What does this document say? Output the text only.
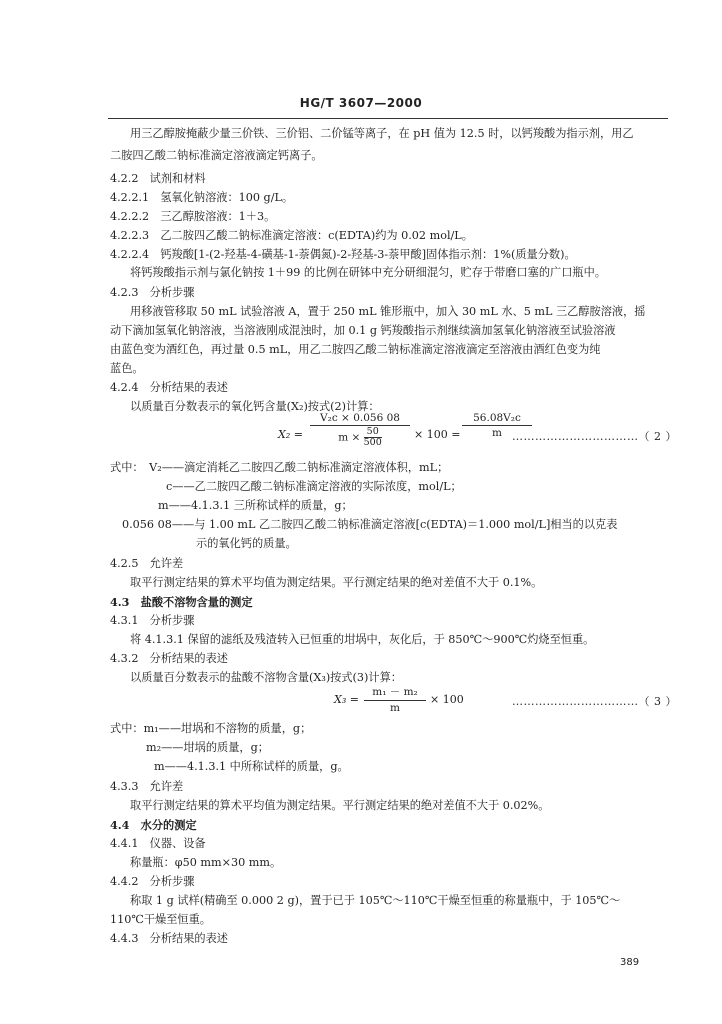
HG/T 3607—2000
用三乙醇胺掩蔽少量三价铁、三价铝、二价锰等离子，在 pH 值为 12.5 时，以钙羧酸为指示剂，用乙
二胺四乙酸二钠标准滴定溶液滴定钙离子。
4.2.2　试剂和材料
4.2.2.1　氢氧化钠溶液：100 g/L。
4.2.2.2　三乙醇胺溶液：1＋3。
4.2.2.3　乙二胺四乙酸二钠标准滴定溶液：c(EDTA)约为 0.02 mol/L。
4.2.2.4　钙羧酸[1-(2-羟基-4-磺基-1-萘偶氮)-2-羟基-3-萘甲酸]固体指示剂：1%(质量分数)。
将钙羧酸指示剂与氯化钠按 1＋99 的比例在研钵中充分研细混匀，贮存于带磨口塞的广口瓶中。
4.2.3　分析步骤
用移液管移取 50 mL 试验溶液 A，置于 250 mL 锥形瓶中，加入 30 mL 水、5 mL 三乙醇胺溶液，摇
动下滴加氢氧化钠溶液，当溶液刚成混浊时，加 0.1 g 钙羧酸指示剂继续滴加氢氧化钠溶液至试验溶液
由蓝色变为酒红色，再过量 0.5 mL，用乙二胺四乙酸二钠标准滴定溶液滴定至溶液由酒红色变为纯
蓝色。
4.2.4　分析结果的表述
以质量百分数表示的氧化钙含量(X₂)按式(2)计算：
$X_2 = \frac{\text{V₂c × 0.056 08}}{m \times \frac{50}{500}} \times 100 = \frac{\text{56.08V₂c}}{m}$
……………………………（ 2 ）
式中：　V₂——滴定消耗乙二胺四乙酸二钠标准滴定溶液体积，mL；
c——乙二胺四乙酸二钠标准滴定溶液的实际浓度，mol/L；
m——4.1.3.1 三所称试样的质量，g；
0.056 08——与 1.00 mL 乙二胺四乙酸二钠标准滴定溶液[c(EDTA)＝1.000 mol/L]相当的以克表
示的氧化钙的质量。
4.2.5　允许差
取平行测定结果的算术平均值为测定结果。平行测定结果的绝对差值不大于 0.1%。
4.3　盐酸不溶物含量的测定
4.3.1　分析步骤
将 4.1.3.1 保留的滤纸及残渣转入已恒重的坩埚中，灰化后，于 850℃～900℃灼烧至恒重。
4.3.2　分析结果的表述
以质量百分数表示的盐酸不溶物含量(X₃)按式(3)计算：
$X_3 = \frac{\text{m₁ － m₂}}{m} \times 100$	……………………………（ 3 ）
式中：m₁——坩埚和不溶物的质量，g；
m₂——坩埚的质量，g；
m——4.1.3.1 中所称试样的质量，g。
4.3.3　允许差
取平行测定结果的算术平均值为测定结果。平行测定结果的绝对差值不大于 0.02%。
4.4　水分的测定
4.4.1　仪器、设备
称量瓶：φ50 mm×30 mm。
4.4.2　分析步骤
称取 1 g 试样(精确至 0.000 2 g)，置于已于 105℃～110℃干燥至恒重的称量瓶中，于 105℃～
110℃干燥至恒重。
4.4.3　分析结果的表述
389
